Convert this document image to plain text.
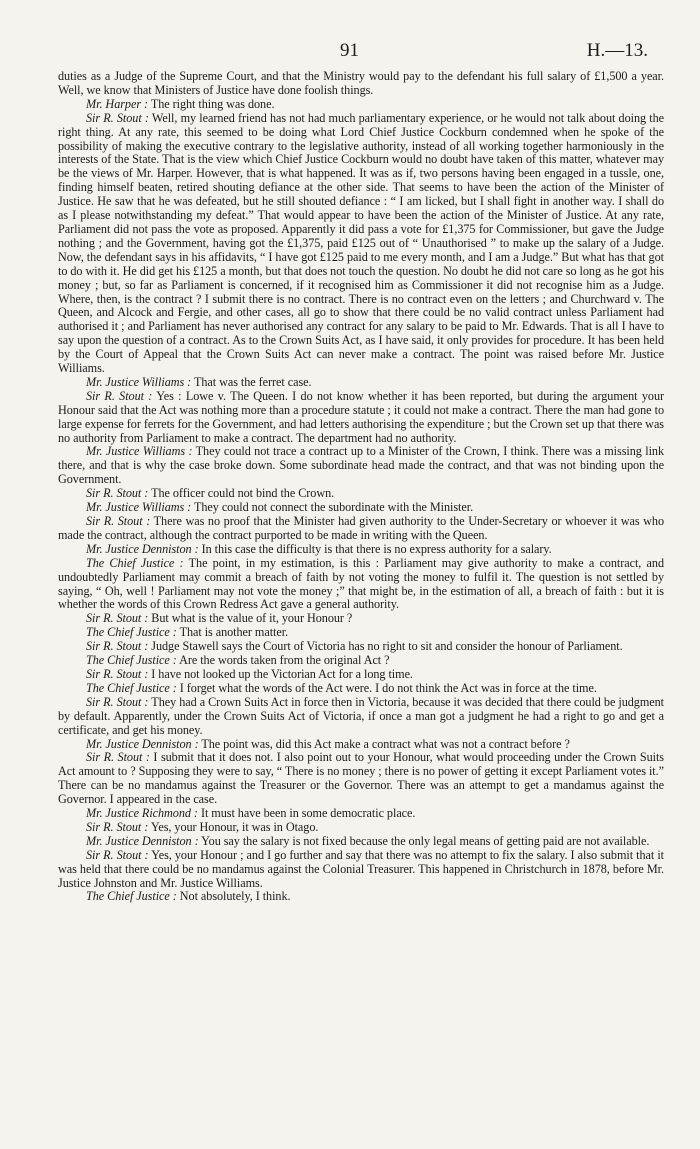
91	H.—13.

duties as a Judge of the Supreme Court, and that the Ministry would pay to the defendant his full salary of £1,500 a year. Well, we know that Ministers of Justice have done foolish things.

Mr. Harper : The right thing was done.

Sir R. Stout : Well, my learned friend has not had much parliamentary experience, or he would not talk about doing the right thing. At any rate, this seemed to be doing what Lord Chief Justice Cockburn condemned when he spoke of the possibility of making the executive contrary to the legislative authority, instead of all working together harmoniously in the interests of the State. That is the view which Chief Justice Cockburn would no doubt have taken of this matter, whatever may be the views of Mr. Harper. However, that is what happened. It was as if, two persons having been engaged in a tussle, one, finding himself beaten, retired shouting defiance at the other side. That seems to have been the action of the Minister of Justice. He saw that he was defeated, but he still shouted defiance : “ I am licked, but I shall fight in another way. I shall do as I please notwithstanding my defeat.” That would appear to have been the action of the Minister of Justice. At any rate, Parliament did not pass the vote as proposed. Apparently it did pass a vote for £1,375 for Commissioner, but gave the Judge nothing ; and the Government, having got the £1,375, paid £125 out of “ Unauthorised ” to make up the salary of a Judge. Now, the defendant says in his affidavits, “ I have got £125 paid to me every month, and I am a Judge.” But what has that got to do with it. He did get his £125 a month, but that does not touch the question. No doubt he did not care so long as he got his money ; but, so far as Parliament is concerned, if it recognised him as Commissioner it did not recognise him as a Judge. Where, then, is the contract ? I submit there is no contract. There is no contract even on the letters ; and Churchward v. The Queen, and Alcock and Fergie, and other cases, all go to show that there could be no valid contract unless Parliament had authorised it ; and Parliament has never authorised any contract for any salary to be paid to Mr. Edwards. That is all I have to say upon the question of a contract. As to the Crown Suits Act, as I have said, it only provides for procedure. It has been held by the Court of Appeal that the Crown Suits Act can never make a contract. The point was raised before Mr. Justice Williams.

Mr. Justice Williams : That was the ferret case.

Sir R. Stout : Yes : Lowe v. The Queen. I do not know whether it has been reported, but during the argument your Honour said that the Act was nothing more than a procedure statute ; it could not make a contract. There the man had gone to large expense for ferrets for the Government, and had letters authorising the expenditure ; but the Crown set up that there was no authority from Parliament to make a contract. The department had no authority.

Mr. Justice Williams : They could not trace a contract up to a Minister of the Crown, I think. There was a missing link there, and that is why the case broke down. Some subordinate head made the contract, and that was not binding upon the Government.

Sir R. Stout : The officer could not bind the Crown.

Mr. Justice Williams : They could not connect the subordinate with the Minister.

Sir R. Stout : There was no proof that the Minister had given authority to the Under-Secretary or whoever it was who made the contract, although the contract purported to be made in writing with the Queen.

Mr. Justice Denniston : In this case the difficulty is that there is no express authority for a salary.

The Chief Justice : The point, in my estimation, is this : Parliament may give authority to make a contract, and undoubtedly Parliament may commit a breach of faith by not voting the money to fulfil it. The question is not settled by saying, “ Oh, well ! Parliament may not vote the money ;” that might be, in the estimation of all, a breach of faith : but it is whether the words of this Crown Redress Act gave a general authority.

Sir R. Stout : But what is the value of it, your Honour ?

The Chief Justice : That is another matter.

Sir R. Stout : Judge Stawell says the Court of Victoria has no right to sit and consider the honour of Parliament.

The Chief Justice : Are the words taken from the original Act ?

Sir R. Stout : I have not looked up the Victorian Act for a long time.

The Chief Justice : I forget what the words of the Act were. I do not think the Act was in force at the time.

Sir R. Stout : They had a Crown Suits Act in force then in Victoria, because it was decided that there could be judgment by default. Apparently, under the Crown Suits Act of Victoria, if once a man got a judgment he had a right to go and get a certificate, and get his money.

Mr. Justice Denniston : The point was, did this Act make a contract what was not a contract before ?

Sir R. Stout : I submit that it does not. I also point out to your Honour, what would proceeding under the Crown Suits Act amount to ? Supposing they were to say, “ There is no money ; there is no power of getting it except Parliament votes it.” There can be no mandamus against the Treasurer or the Governor. There was an attempt to get a mandamus against the Governor. I appeared in the case.

Mr. Justice Richmond : It must have been in some democratic place.

Sir R. Stout : Yes, your Honour, it was in Otago.

Mr. Justice Denniston : You say the salary is not fixed because the only legal means of getting paid are not available.

Sir R. Stout : Yes, your Honour ; and I go further and say that there was no attempt to fix the salary. I also submit that it was held that there could be no mandamus against the Colonial Treasurer. This happened in Christchurch in 1878, before Mr. Justice Johnston and Mr. Justice Williams.

The Chief Justice : Not absolutely, I think.
